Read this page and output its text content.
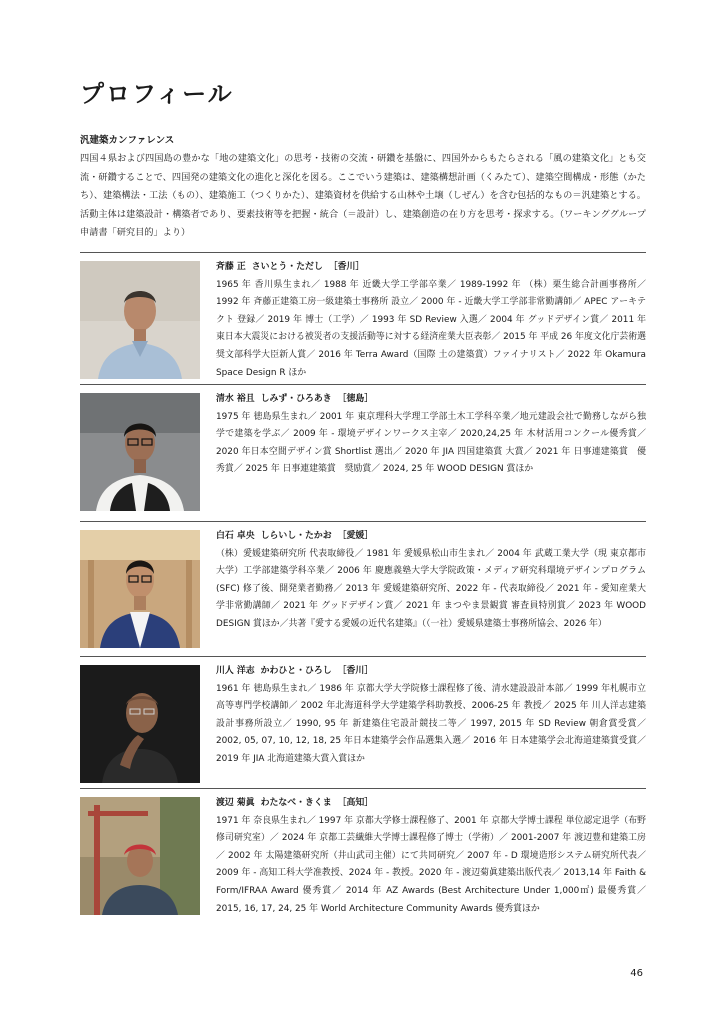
プロフィール
汎建築カンファレンス
四国４県および四国島の豊かな「地の建築文化」の思考・技術の交流・研鑽を基盤に、四国外からもたらされる「風の建築文化」とも交流・研鑽することで、四国発の建築文化の進化と深化を図る。ここでいう建築は、建築構想計画（くみたて）、建築空間構成・形態（かたち）、建築構法・工法（もの）、建築施工（つくりかた）、建築資材を供給する山林や土壌（しぜん）を含む包括的なもの＝汎建築とする。活動主体は建築設計・構築者であり、要素技術等を把握・統合（＝設計）し、建築創造の在り方を思考・探求する。（ワーキンググループ申請書「研究目的」より）
斉藤 正 さいとう・ただし ［香川］
1965 年 香川県生まれ／ 1988 年 近畿大学工学部卒業／ 1989-1992 年 （株）栗生総合計画事務所／ 1992 年 斉藤正建築工房一級建築士事務所 設立／ 2000 年 - 近畿大学工学部非常勤講師／ APEC アーキテクト 登録／ 2019 年 博士（工学）／ 1993 年 SD Review 入選／ 2004 年 グッドデザイン賞／ 2011 年 東日本大震災における被災者の支援活動等に対する経済産業大臣表彰／ 2015 年 平成 26 年度文化庁芸術選奨文部科学大臣新人賞／ 2016 年 Terra Award（国際 土の建築賞）ファイナリスト／ 2022 年 Okamura Space Design R ほか
清水 裕且 しみず・ひろあき ［徳島］
1975 年 徳島県生まれ／ 2001 年 東京理科大学理工学部土木工学科卒業／地元建設会社で勤務しながら独学で建築を学ぶ／ 2009 年 - 環境デザインワークス主宰／ 2020,24,25 年 木材活用コンクール優秀賞／ 2020 年日本空間デザイン賞 Shortlist 選出／ 2020 年 JIA 四国建築賞 大賞／ 2021 年 日事連建築賞　優秀賞／ 2025 年 日事連建築賞　奨励賞／ 2024, 25 年 WOOD DESIGN 賞ほか
白石 卓央 しらいし・たかお ［愛媛］
（株）愛媛建築研究所 代表取締役／ 1981 年 愛媛県松山市生まれ／ 2004 年 武蔵工業大学（現 東京都市大学）工学部建築学科卒業／ 2006 年 慶應義塾大学大学院政策・メディア研究科環境デザインプログラム (SFC) 修了後、開発業者勤務／ 2013 年 愛媛建築研究所、2022 年 - 代表取締役／ 2021 年 - 愛知産業大学非常勤講師／ 2021 年 グッドデザイン賞／ 2021 年 まつやま景観賞 審査員特別賞／ 2023 年 WOOD DESIGN 賞ほか／共著『愛する愛媛の近代名建築』（（一社）愛媛県建築士事務所協会、2026 年）
川人 洋志 かわひと・ひろし ［香川］
1961 年 徳島県生まれ／ 1986 年 京都大学大学院修士課程修了後、清水建設設計本部／ 1999 年札幌市立高等専門学校講師／ 2002 年北海道科学大学建築学科助教授、2006-25 年 教授／ 2025 年 川人洋志建築設計事務所設立／ 1990, 95 年 新建築住宅設計競技二等／ 1997, 2015 年 SD Review 朝倉賞受賞／ 2002, 05, 07, 10, 12, 18, 25 年日本建築学会作品選集入選／ 2016 年 日本建築学会北海道建築賞受賞／ 2019 年 JIA 北海道建築大賞入賞ほか
渡辺 菊眞 わたなべ・きくま ［高知］
1971 年 奈良県生まれ／ 1997 年 京都大学修士課程修了、2001 年 京都大学博士課程 単位認定退学（布野修司研究室）／ 2024 年 京都工芸繊維大学博士課程修了博士（学術）／ 2001-2007 年 渡辺豊和建築工房／ 2002 年 太陽建築研究所（井山武司主催）にて共同研究／ 2007 年 - D 環境造形システム研究所代表／ 2009 年 - 高知工科大学准教授、2024 年 - 教授。2020 年 - 渡辺菊眞建築出版代表／ 2013,14 年 Faith & Form/IFRAA Award 優秀賞／ 2014 年 AZ Awards (Best Architecture Under 1,000㎡) 最優秀賞／ 2015, 16, 17, 24, 25 年 World Architecture Community Awards 優秀賞ほか
46
